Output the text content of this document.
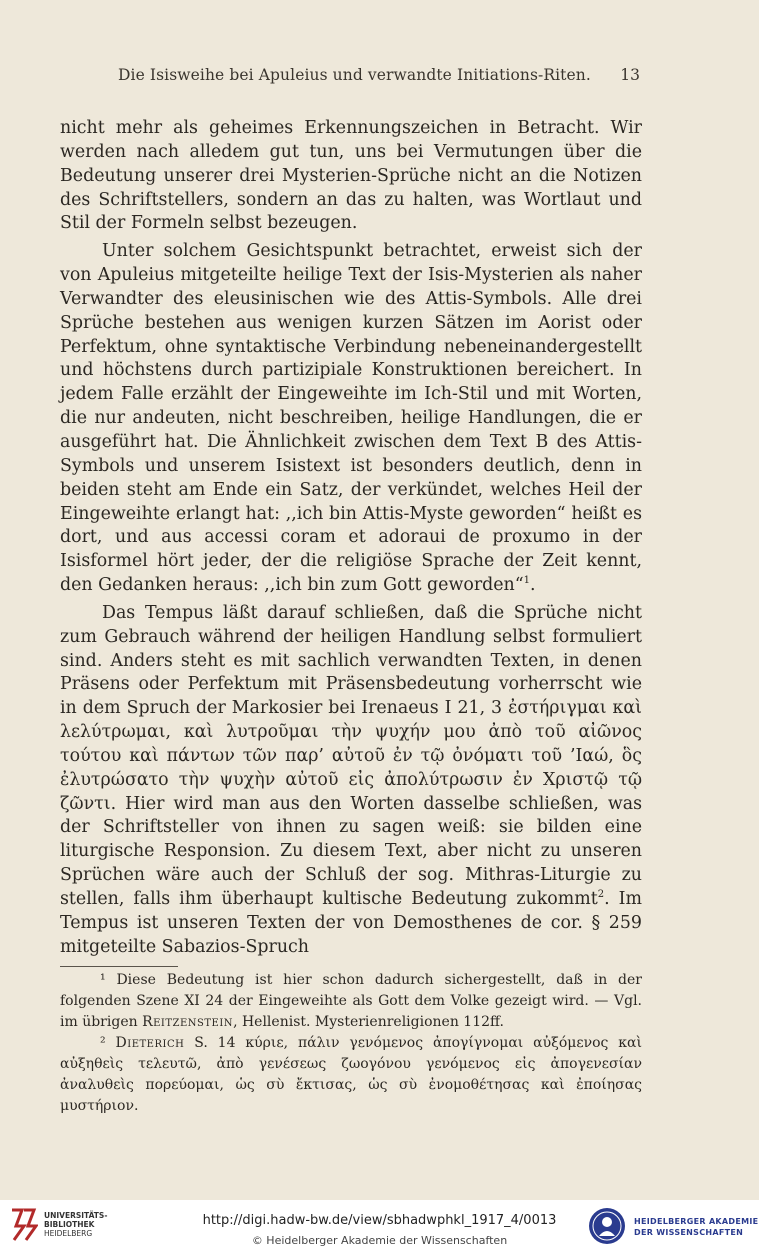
Die Isisweihe bei Apuleius und verwandte Initiations-Riten. 13

nicht mehr als geheimes Erkennungszeichen in Betracht. Wir werden nach alledem gut tun, uns bei Vermutungen über die Bedeutung unserer drei Mysterien-Sprüche nicht an die Notizen des Schriftstellers, sondern an das zu halten, was Wortlaut und Stil der Formeln selbst bezeugen.

Unter solchem Gesichtspunkt betrachtet, erweist sich der von Apuleius mitgeteilte heilige Text der Isis-Mysterien als naher Verwandter des eleusinischen wie des Attis-Symbols. Alle drei Sprüche bestehen aus wenigen kurzen Sätzen im Aorist oder Perfektum, ohne syntaktische Verbindung nebeneinandergestellt und höchstens durch partizipiale Konstruktionen bereichert. In jedem Falle erzählt der Eingeweihte im Ich-Stil und mit Worten, die nur andeuten, nicht beschreiben, heilige Handlungen, die er ausgeführt hat. Die Ähnlichkeit zwischen dem Text B des Attis-Symbols und unserem Isistext ist besonders deutlich, denn in beiden steht am Ende ein Satz, der verkündet, welches Heil der Eingeweihte erlangt hat: ,,ich bin Attis-Myste geworden“ heißt es dort, und aus accessi coram et adoraui de proxumo in der Isisformel hört jeder, der die religiöse Sprache der Zeit kennt, den Gedanken heraus: ,,ich bin zum Gott geworden“$^1$.

Das Tempus läßt darauf schließen, daß die Sprüche nicht zum Gebrauch während der heiligen Handlung selbst formuliert sind. Anders steht es mit sachlich verwandten Texten, in denen Präsens oder Perfektum mit Präsensbedeutung vorherrscht wie in dem Spruch der Markosier bei Irenaeus I 21, 3 ἐστήριγμαι καὶ λελύτρωμαι, καὶ λυτροῦμαι τὴν ψυχήν μου ἀπὸ τοῦ αἰῶνος τούτου καὶ πάντων τῶν παρ’ αὐτοῦ ἐν τῷ ὀνόματι τοῦ ’Ιαώ, ὃς ἐλυτρώσατο τὴν ψυχὴν αὐτοῦ εἰς ἀπολύτρωσιν ἐν Χριστῷ τῷ ζῶντι. Hier wird man aus den Worten dasselbe schließen, was der Schriftsteller von ihnen zu sagen weiß: sie bilden eine liturgische Responsion. Zu diesem Text, aber nicht zu unseren Sprüchen wäre auch der Schluß der sog. Mithras-Liturgie zu stellen, falls ihm überhaupt kultische Bedeutung zukommt$^2$. Im Tempus ist unseren Texten der von Demosthenes de cor. § 259 mitgeteilte Sabazios-Spruch

¹ Diese Bedeutung ist hier schon dadurch sichergestellt, daß in der folgenden Szene XI 24 der Eingeweihte als Gott dem Volke gezeigt wird. — Vgl. im übrigen Reitzenstein, Hellenist. Mysterienreligionen 112ff.

² Dieterich S. 14 κύριε, πάλιν γενόμενος ἀπογίγνομαι αὐξόμενος καὶ αὐξηθεὶς τελευτῶ, ἀπὸ γενέσεως ζωογόνου γενόμενος εἰς ἀπογενεσίαν ἀναλυθεὶς πορεύομαι, ὡς σὺ ἔκτισας, ὡς σὺ ἐνομοθέτησας καὶ ἐποίησας μυστήριον.

UNIVERSITÄTS-
BIBLIOTHEK
HEIDELBERG
http://digi.hadw-bw.de/view/sbhadwphkl_1917_4/0013
© Heidelberger Akademie der Wissenschaften
HEIDELBERGER AKADEMIE
DER WISSENSCHAFTEN
